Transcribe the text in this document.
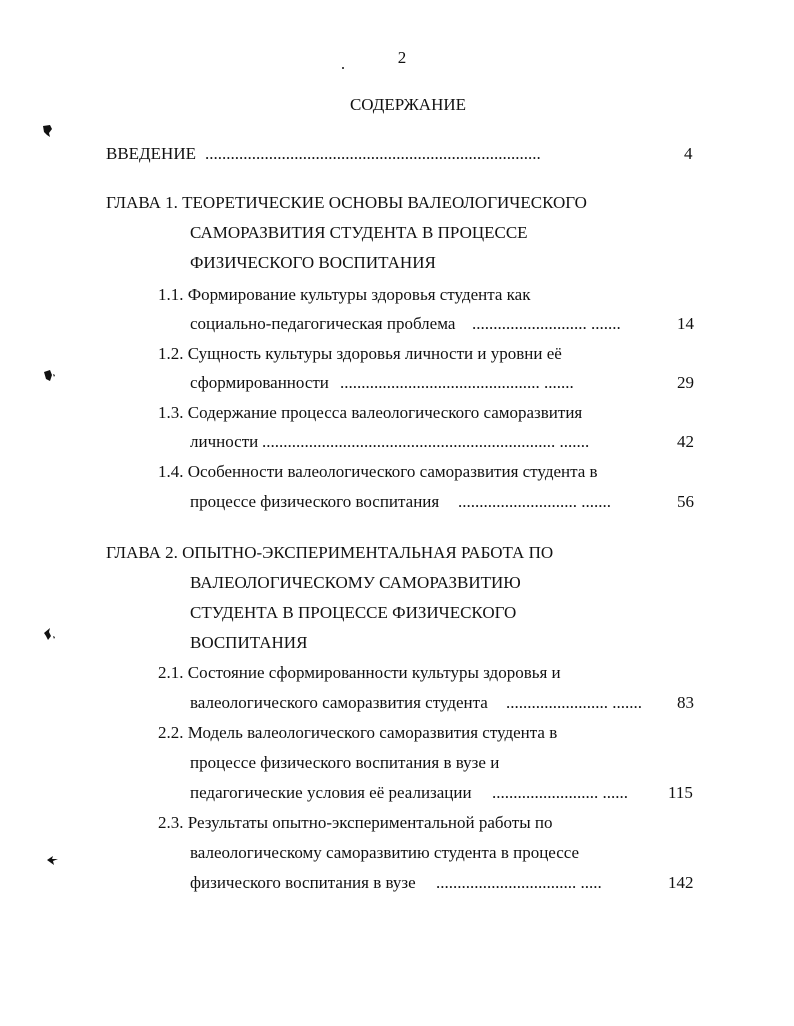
2
СОДЕРЖАНИЕ
ВВЕДЕНИЕ ...............................................................................	4
ГЛАВА 1. ТЕОРЕТИЧЕСКИЕ ОСНОВЫ ВАЛЕОЛОГИЧЕСКОГО
САМОРАЗВИТИЯ СТУДЕНТА В ПРОЦЕССЕ
ФИЗИЧЕСКОГО ВОСПИТАНИЯ
1.1. Формирование культуры здоровья студента как
социально-педагогическая проблема ........................... .......	14
1.2. Сущность культуры здоровья личности и уровни её
сформированности ............................................... .......	29
1.3. Содержание процесса валеологического саморазвития
личности ..................................................................... .......	42
1.4. Особенности валеологического саморазвития студента в
процессе физического воспитания ............................ .......	56
ГЛАВА 2. ОПЫТНО-ЭКСПЕРИМЕНТАЛЬНАЯ РАБОТА ПО
ВАЛЕОЛОГИЧЕСКОМУ САМОРАЗВИТИЮ
СТУДЕНТА В ПРОЦЕССЕ ФИЗИЧЕСКОГО
ВОСПИТАНИЯ
2.1. Состояние сформированности культуры здоровья и
валеологического саморазвития студента ........................ .......	83
2.2. Модель валеологического саморазвития студента в
процессе физического воспитания в вузе и
педагогические условия её реализации ......................... ......	115
2.3. Результаты опытно-экспериментальной работы по
валеологическому саморазвитию студента в процессе
физического воспитания в вузе ................................. .....	142
